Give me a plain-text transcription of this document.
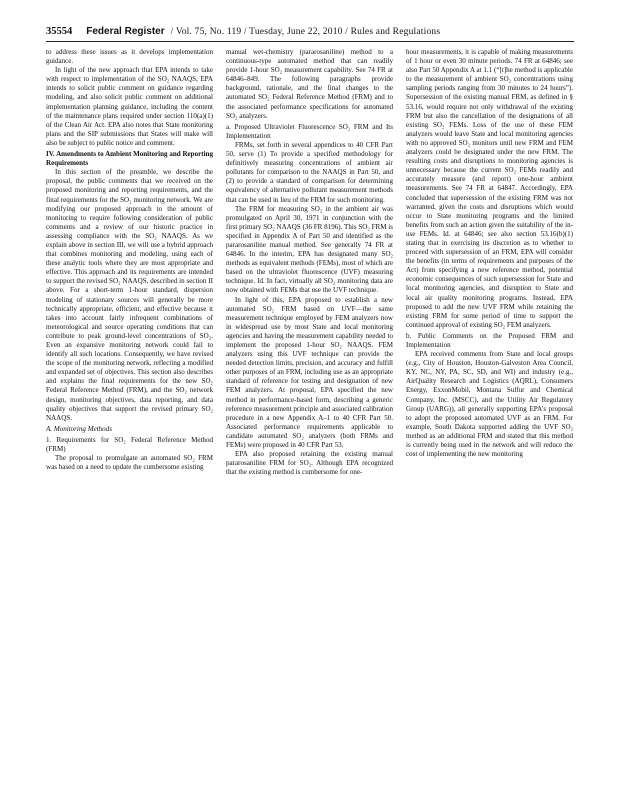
35554 Federal Register / Vol. 75, No. 119 / Tuesday, June 22, 2010 / Rules and Regulations

to address these issues as it develops implementation guidance.

In light of the new approach that EPA intends to take with respect to implementation of the SO₂ NAAQS, EPA intends to solicit public comment on guidance regarding modeling, and also solicit public comment on additional implementation planning guidance, including the content of the maintenance plans required under section 110(a)(1) of the Clean Air Act. EPA also notes that State monitoring plans and the SIP submissions that States will make will also be subject to public notice and comment.

IV. Amendments to Ambient Monitoring and Reporting Requirements

In this section of the preamble, we describe the proposal, the public comments that we received on the proposed monitoring and reporting requirements, and the final requirements for the SO₂ monitoring network. We are modifying our proposed approach to the amount of monitoring to require following consideration of public comments and a review of our historic practice in assessing compliance with the SO₂ NAAQS. As we explain above in section III, we will use a hybrid approach that combines monitoring and modeling, using each of these analytic tools where they are most appropriate and effective. This approach and its requirements are intended to support the revised SO₂ NAAQS, described in section II above. For a short-term 1-hour standard, dispersion modeling of stationary sources will generally be more technically appropriate, efficient, and effective because it takes into account fairly infrequent combinations of meteorological and source operating conditions that can contribute to peak ground-level concentrations of SO₂. Even an expansive monitoring network could fail to identify all such locations. Consequently, we have revised the scope of the monitoring network, reflecting a modified and expanded set of objectives. This section also describes and explains the final requirements for the new SO₂ Federal Reference Method (FRM), and the SO₂ network design, monitoring objectives, data reporting, and data quality objectives that support the revised primary SO₂ NAAQS.

A. Monitoring Methods

1. Requirements for SO₂ Federal Reference Method (FRM)

The proposal to promulgate an automated SO₂ FRM was based on a need to update the cumbersome existing

manual wet-chemistry (pararosaniline) method to a continuous-type automated method that can readily provide 1-hour SO₂ measurement capability. See 74 FR at 64846–849. The following paragraphs provide background, rationale, and the final changes to the automated SO₂ Federal Reference Method (FRM) and to the associated performance specifications for automated SO₂ analyzers.

a. Proposed Ultraviolet Fluorescence SO₂ FRM and Its Implementation

FRMs, set forth in several appendices to 40 CFR Part 50, serve (1) To provide a specified methodology for definitively measuring concentrations of ambient air pollutants for comparison to the NAAQS in Part 50, and (2) to provide a standard of comparison for determining equivalency of alternative pollutant measurement methods that can be used in lieu of the FRM for such monitoring.

The FRM for measuring SO₂ in the ambient air was promulgated on April 30, 1971 in conjunction with the first primary SO₂ NAAQS (36 FR 8196). This SO₂ FRM is specified in Appendix A of Part 50 and identified as the pararosaniline manual method. See generally 74 FR at 64846. In the interim, EPA has designated many SO₂ methods as equivalent methods (FEMs), most of which are based on the ultraviolet fluorescence (UVF) measuring technique. Id. In fact, virtually all SO₂ monitoring data are now obtained with FEMs that use the UVF technique.

In light of this, EPA proposed to establish a new automated SO₂ FRM based on UVF—the same measurement technique employed by FEM analyzers now in widespread use by most State and local monitoring agencies and having the measurement capability needed to implement the proposed 1-hour SO₂ NAAQS. FEM analyzers using this UVF technique can provide the needed detection limits, precision, and accuracy and fulfill other purposes of an FRM, including use as an appropriate standard of reference for testing and designation of new FEM analyzers. At proposal, EPA specified the new method in performance-based form, describing a generic reference measurement principle and associated calibration procedure in a new Appendix A–1 to 40 CFR Part 50. Associated performance requirements applicable to candidate automated SO₂ analyzers (both FRMs and FEMs) were proposed in 40 CFR Part 53.

EPA also proposed retaining the existing manual pararosaniline FRM for SO₂. Although EPA recognized that the existing method is cumbersome for one-

hour measurements, it is capable of making measurements of 1 hour or even 30 minute periods. 74 FR at 64846; see also Part 50 Appendix A at 1.1 (“[t]he method is applicable to the measurement of ambient SO₂ concentrations using sampling periods ranging from 30 minutes to 24 hours”). Supersession of the existing manual FRM, as defined in § 53.16, would require not only withdrawal of the existing FRM but also the cancellation of the designations of all existing SO₂ FEMs. Loss of the use of these FEM analyzers would leave State and local monitoring agencies with no approved SO₂ monitors until new FRM and FEM analyzers could be designated under the new FRM. The resulting costs and disruptions to monitoring agencies is unnecessary because the current SO₂ FEMs readily and accurately measure (and report) one-hour ambient measurements. See 74 FR at 64847. Accordingly, EPA concluded that supersession of the existing FRM was not warranted, given the costs and disruptions which would occur to State monitoring programs and the limited benefits from such an action given the suitability of the in-use FEMs. Id. at 64846; see also section 53.16(b)(1) stating that in exercising its discretion as to whether to proceed with supersession of an FRM, EPA will consider the benefits (in terms of requirements and purposes of the Act) from specifying a new reference method, potential economic consequences of such supersession for State and local monitoring agencies, and disruption to State and local air quality monitoring programs. Instead, EPA proposed to add the new UVF FRM while retaining the existing FRM for some period of time to support the continued approval of existing SO₂ FEM analyzers.

b. Public Comments on the Proposed FRM and Implementation

EPA received comments from State and local groups (e.g., City of Houston, Houston-Galveston Area Council, KY, NC, NY, PA, SC, SD, and WI) and industry (e.g., AirQuality Research and Logistics (AQRL), Consumers Energy, ExxonMobil, Montana Sulfur and Chemical Company, Inc. (MSCC), and the Utility Air Regulatory Group (UARG)), all generally supporting EPA’s proposal to adopt the proposed automated UVF as an FRM. For example, South Dakota supported adding the UVF SO₂ method as an additional FRM and stated that this method is currently being used in the network and will reduce the cost of implementing the new monitoring
